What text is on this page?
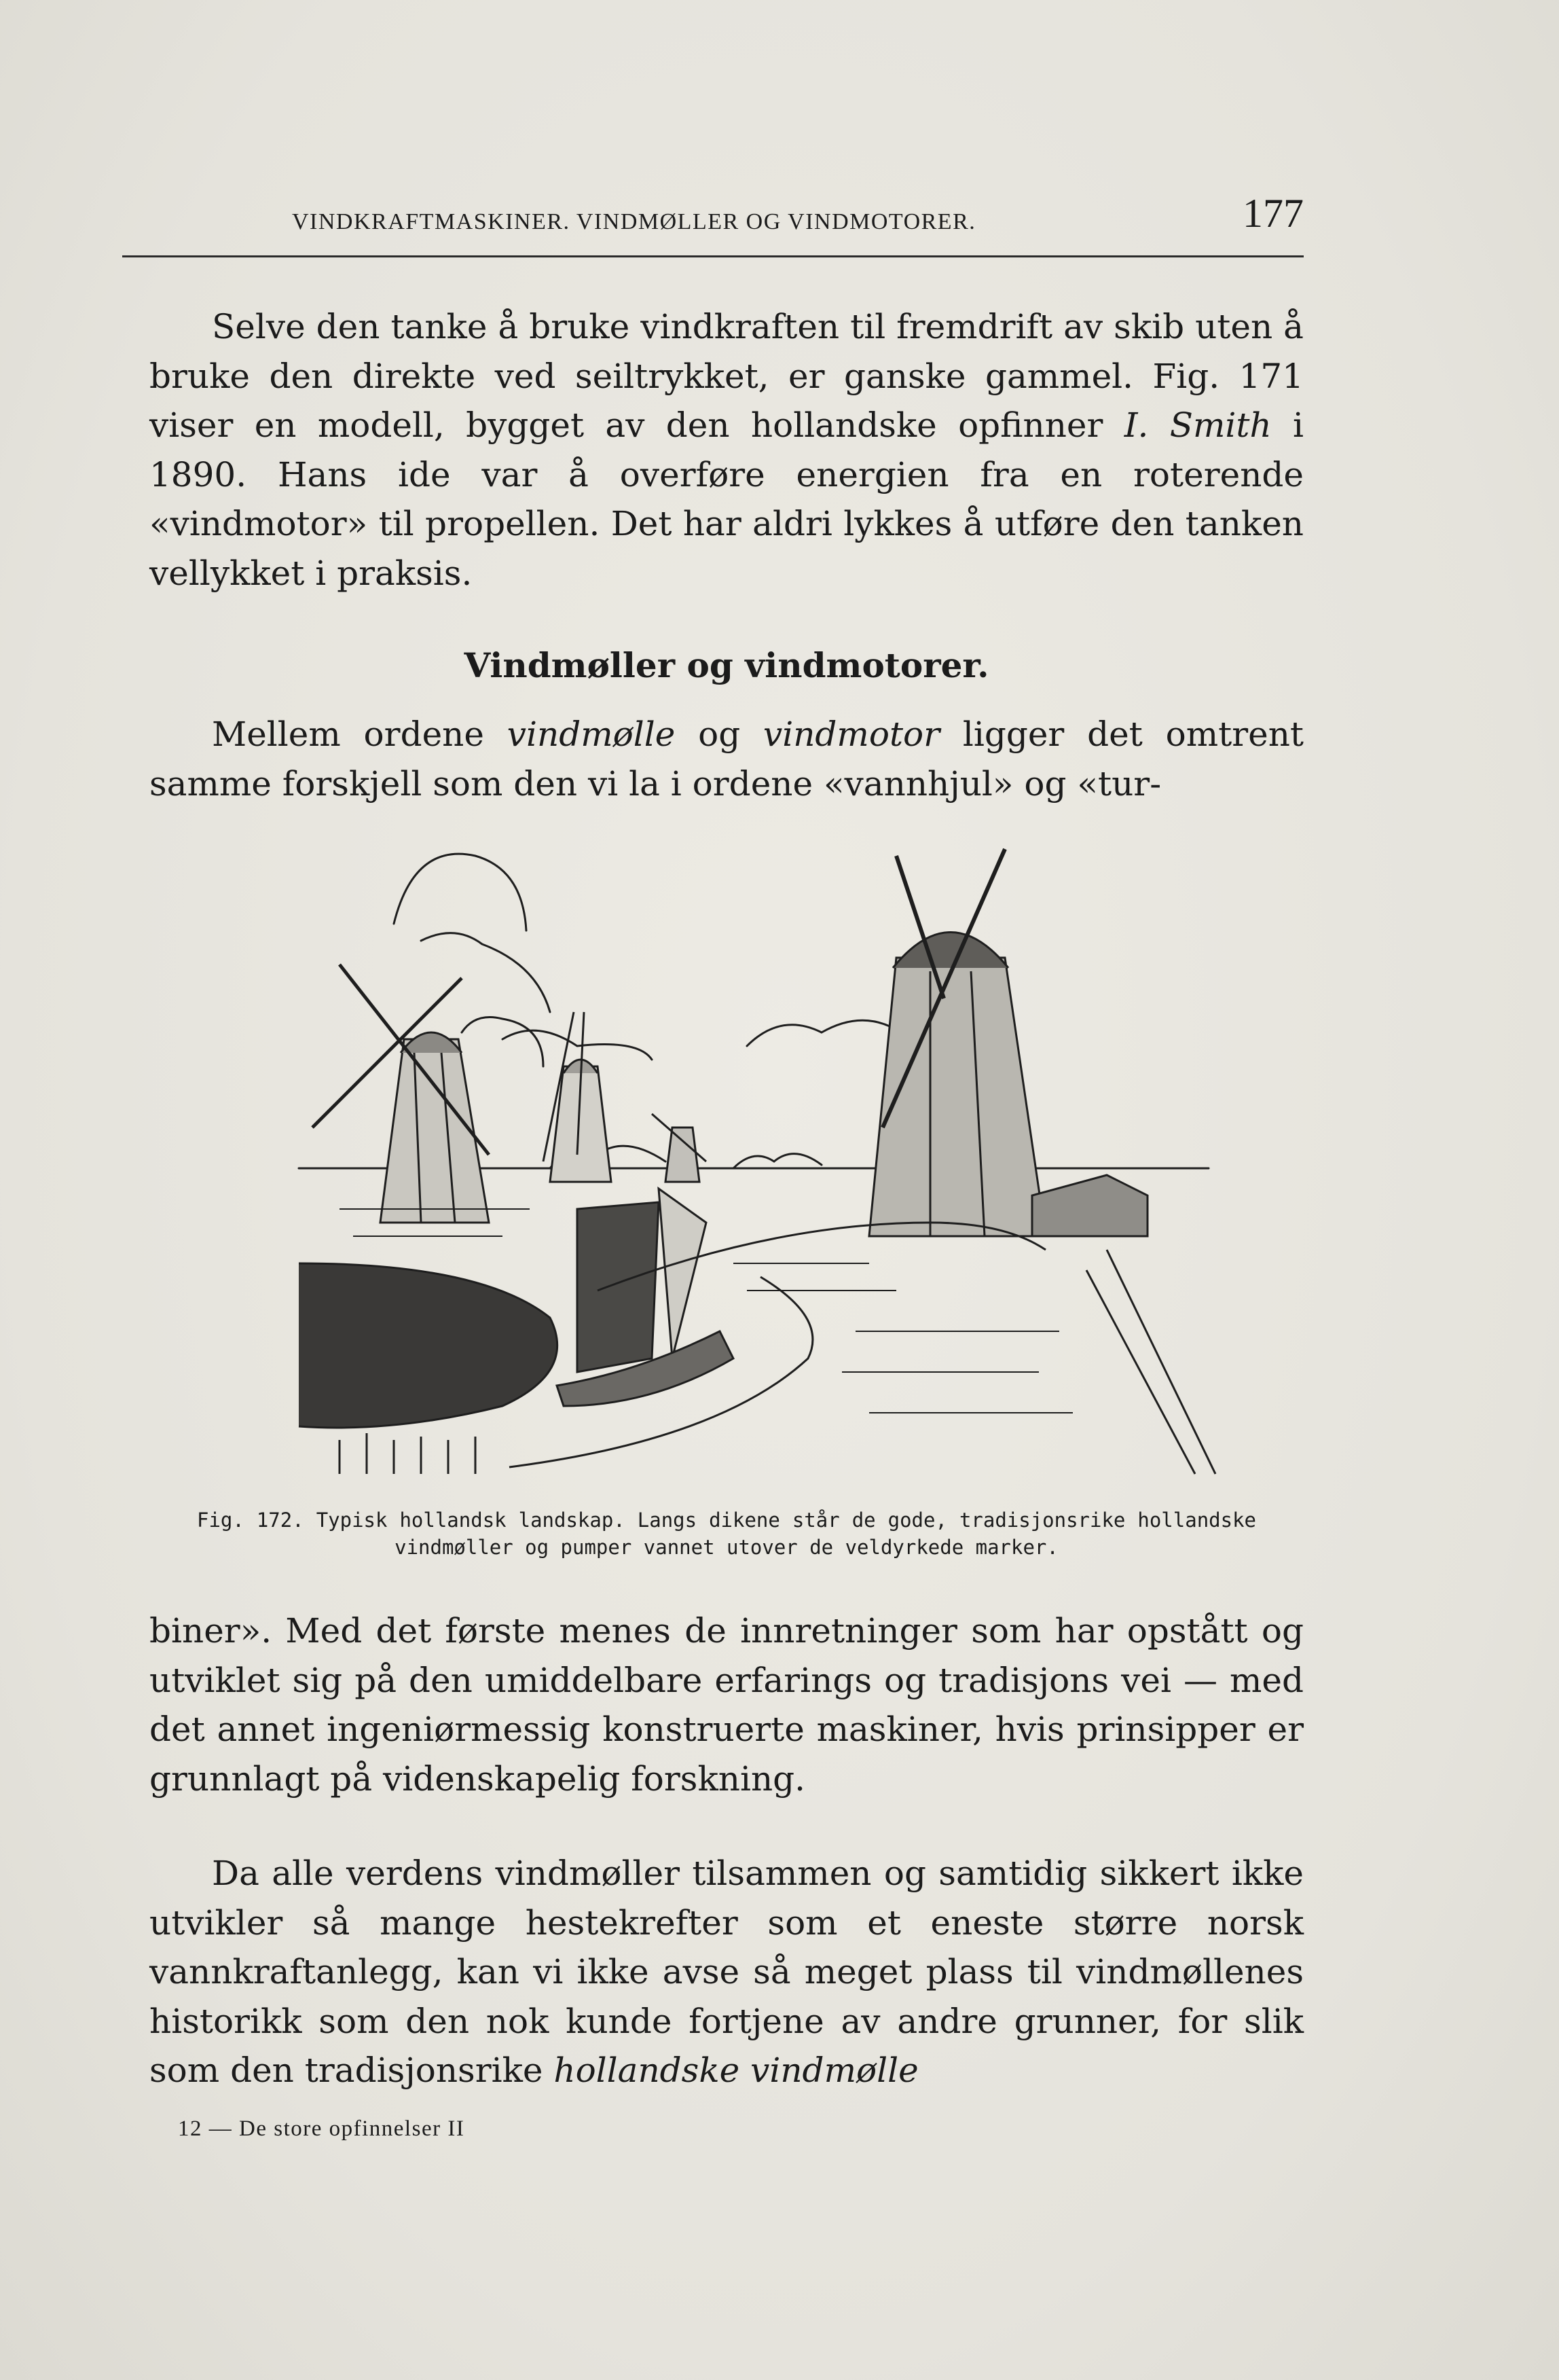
VINDKRAFTMASKINER. VINDMØLLER OG VINDMOTORER.	177

Selve den tanke å bruke vindkraften til fremdrift av skib uten å bruke den direkte ved seiltrykket, er ganske gammel. Fig. 171 viser en modell, bygget av den hollandske opfinner I. Smith i 1890. Hans ide var å overføre energien fra en roterende «vindmotor» til propellen. Det har aldri lykkes å utføre den tanken vellykket i praksis.

Vindmøller og vindmotorer.

Mellem ordene vindmølle og vindmotor ligger det omtrent samme forskjell som den vi la i ordene «vannhjul» og «tur-

Fig. 172. Typisk hollandsk landskap. Langs dikene står de gode, tradisjonsrike hollandske vindmøller og pumper vannet utover de veldyrkede marker.

biner». Med det første menes de innretninger som har opstått og utviklet sig på den umiddelbare erfarings og tradisjons vei — med det annet ingeniørmessig konstruerte maskiner, hvis prinsipper er grunnlagt på videnskapelig forskning.

Da alle verdens vindmøller tilsammen og samtidig sikkert ikke utvikler så mange hestekrefter som et eneste større norsk vannkraftanlegg, kan vi ikke avse så meget plass til vindmøllenes historikk som den nok kunde fortjene av andre grunner, for slik som den tradisjonsrike hollandske vindmølle

12 — De store opfinnelser II
